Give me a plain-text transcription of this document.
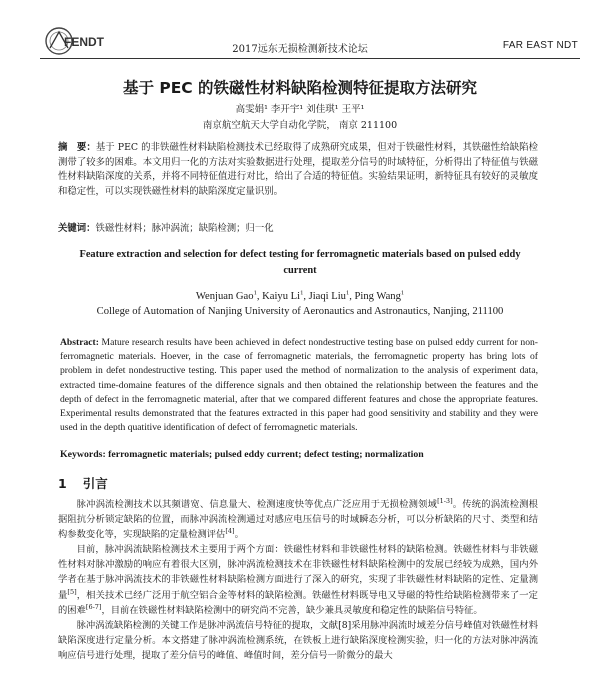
FENDT
2017远东无损检测新技术论坛	FAR EAST NDT
基于 PEC 的铁磁性材料缺陷检测特征提取方法研究
高雯娟¹ 李开宇¹ 刘佳琪¹ 王平¹
南京航空航天大学自动化学院， 南京 211100
摘　要：基于 PEC 的非铁磁性材料缺陷检测技术已经取得了成熟研究成果，但对于铁磁性材料，其铁磁性给缺陷检测带了较多的困难。本文用归一化的方法对实验数据进行处理，提取差分信号的时域特征，分析得出了特征值与铁磁性材料缺陷深度的关系，并将不同特征值进行对比，给出了合适的特征值。实验结果证明，新特征具有较好的灵敏度和稳定性，可以实现铁磁性材料的缺陷深度定量识别。
关键词：铁磁性材料；脉冲涡流；缺陷检测；归一化
Feature extraction and selection for defect testing for ferromagnetic materials based on pulsed eddy current
Wenjuan Gao$^1$, Kaiyu Li$^1$, Jiaqi Liu$^1$, Ping Wang$^1$
College of Automation of Nanjing University of Aeronautics and Astronautics, Nanjing, 211100
Abstract: Mature research results have been achieved in defect nondestructive testing base on pulsed eddy current for non-ferromagnetic materials. Hoever, in the case of ferromagnetic materials, the ferromagnetic property has bring lots of problem in defet nondestructive testing. This paper used the method of normalization to the analysis of experiment data, extracted time-domaine features of the difference signals and then obtained the relationship between the features and the depth of defect in the ferromagnetic material, after that we compared different features and chose the appropriate features. Experimental results demonstrated that the features extracted in this paper had good sensitivity and stability and they were used in the depth quatitive identification of defect of ferromagnetic materials.
Keywords: ferromagnetic materials; pulsed eddy current; defect testing; normalization
1 引言

脉冲涡流检测技术以其频谱宽、信息量大、检测速度快等优点广泛应用于无损检测领域[1-3]。传统的涡流检测根据阻抗分析锁定缺陷的位置，而脉冲涡流检测通过对感应电压信号的时域瞬态分析，可以分析缺陷的尺寸、类型和结构参数变化等，实现缺陷的定量检测评估[4]。

目前，脉冲涡流缺陷检测技术主要用于两个方面：铁磁性材料和非铁磁性材料的缺陷检测。铁磁性材料与非铁磁性材料对脉冲激励的响应有着很大区别，脉冲涡流检测技术在非铁磁性材料缺陷检测中的发展已经较为成熟，国内外学者在基于脉冲涡流技术的非铁磁性材料缺陷检测方面进行了深入的研究，实现了非铁磁性材料缺陷的定性、定量测量[5]，相关技术已经广泛用于航空铝合金等材料的缺陷检测。铁磁性材料既导电又导磁的特性给缺陷检测带来了一定的困难[6-7]，目前在铁磁性材料缺陷检测中的研究尚不完善，缺少兼具灵敏度和稳定性的缺陷信号特征。

脉冲涡流缺陷检测的关键工作是脉冲涡流信号特征的提取，文献[8]采用脉冲涡流时域差分信号峰值对铁磁性材料缺陷深度进行定量分析。本文搭建了脉冲涡流检测系统，在铁板上进行缺陷深度检测实验，归一化的方法对脉冲涡流响应信号进行处理，提取了差分信号的峰值、峰值时间，差分信号一阶微分的最大
